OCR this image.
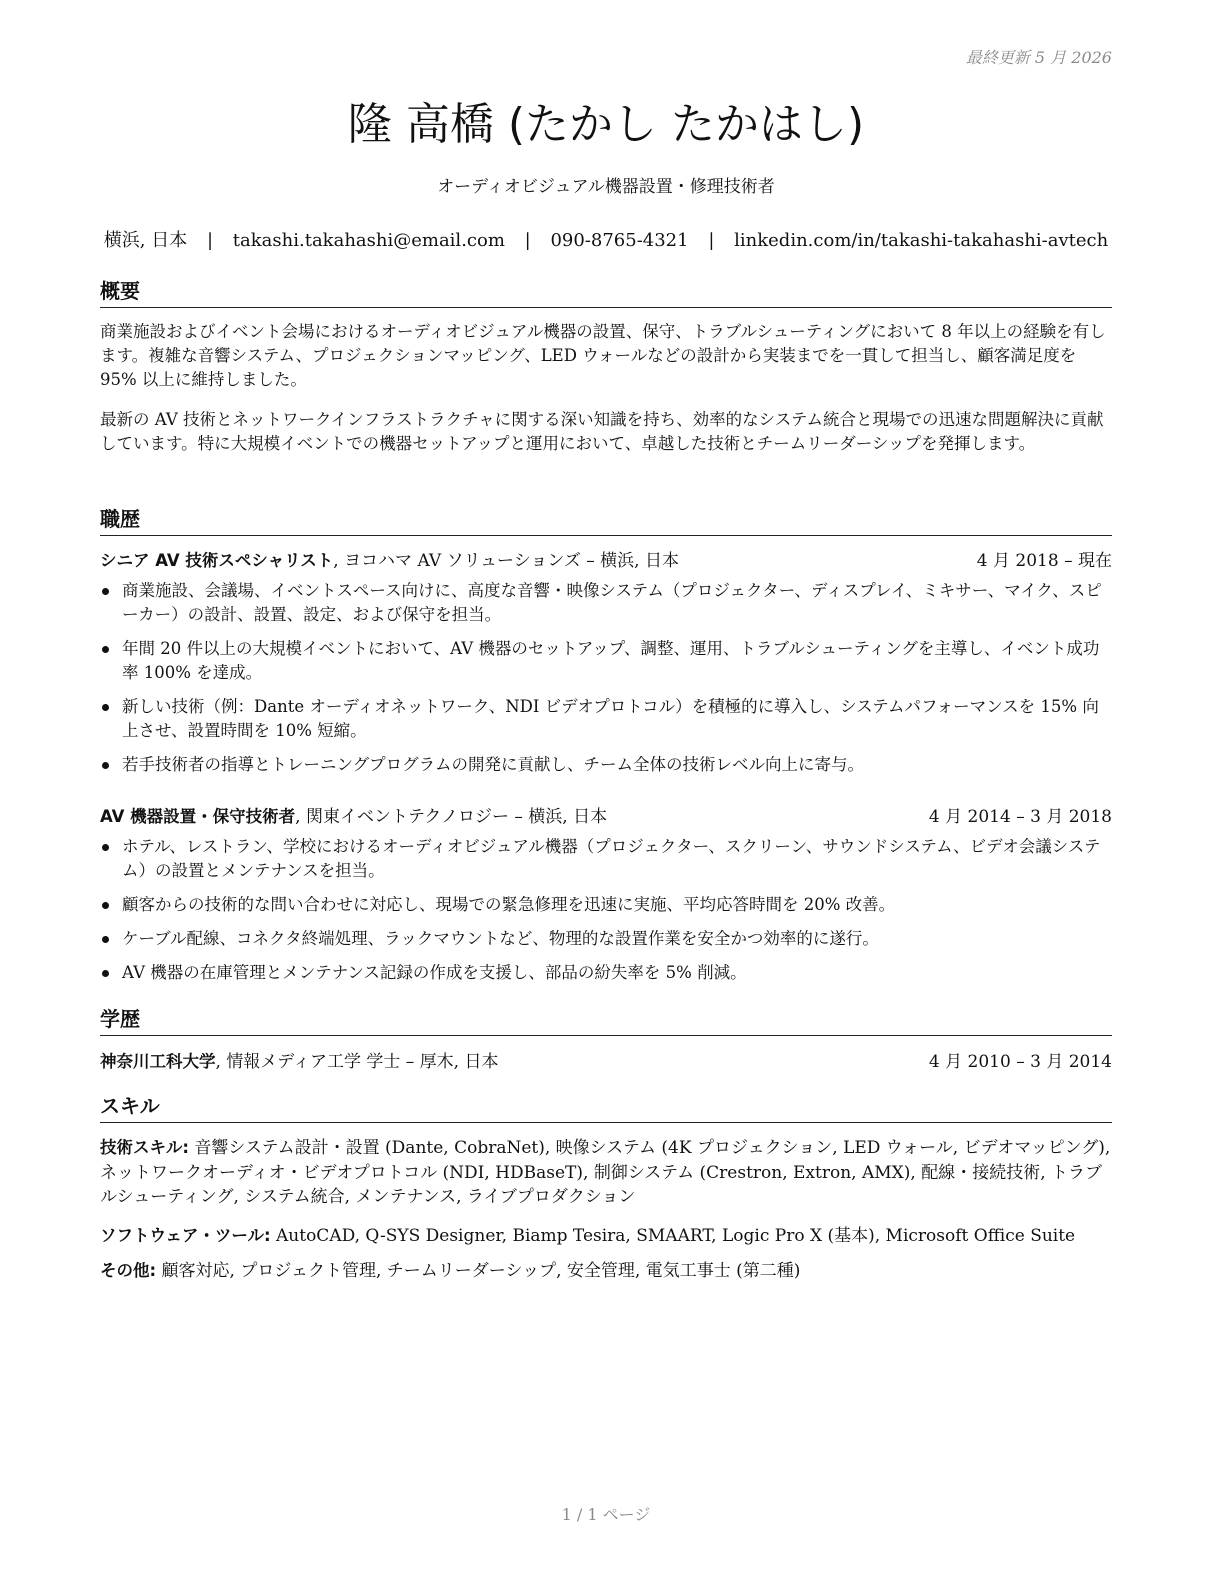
最終更新 5 月 2026
隆 高橋 (たかし たかはし)
オーディオビジュアル機器設置・修理技術者
横浜, 日本 | takashi.takahashi@email.com | 090-8765-4321 | linkedin.com/in/takashi-takahashi-avtech
概要

商業施設およびイベント会場におけるオーディオビジュアル機器の設置、保守、トラブルシューティングにおいて 8 年以上の経験を有します。複雑な音響システム、プロジェクションマッピング、LED ウォールなどの設計から実装までを一貫して担当し、顧客満足度を 95% 以上に維持しました。

最新の AV 技術とネットワークインフラストラクチャに関する深い知識を持ち、効率的なシステム統合と現場での迅速な問題解決に貢献しています。特に大規模イベントでの機器セットアップと運用において、卓越した技術とチームリーダーシップを発揮します。

職歴
シニア AV 技術スペシャリスト, ヨコハマ AV ソリューションズ – 横浜, 日本	4 月 2018 – 現在
商業施設、会議場、イベントスペース向けに、高度な音響・映像システム（プロジェクター、ディスプレイ、ミキサー、マイク、スピーカー）の設計、設置、設定、および保守を担当。
年間 20 件以上の大規模イベントにおいて、AV 機器のセットアップ、調整、運用、トラブルシューティングを主導し、イベント成功率 100% を達成。
新しい技術（例：Dante オーディオネットワーク、NDI ビデオプロトコル）を積極的に導入し、システムパフォーマンスを 15% 向上させ、設置時間を 10% 短縮。
若手技術者の指導とトレーニングプログラムの開発に貢献し、チーム全体の技術レベル向上に寄与。
AV 機器設置・保守技術者, 関東イベントテクノロジー – 横浜, 日本	4 月 2014 – 3 月 2018
ホテル、レストラン、学校におけるオーディオビジュアル機器（プロジェクター、スクリーン、サウンドシステム、ビデオ会議システム）の設置とメンテナンスを担当。
顧客からの技術的な問い合わせに対応し、現場での緊急修理を迅速に実施、平均応答時間を 20% 改善。
ケーブル配線、コネクタ終端処理、ラックマウントなど、物理的な設置作業を安全かつ効率的に遂行。
AV 機器の在庫管理とメンテナンス記録の作成を支援し、部品の紛失率を 5% 削減。
学歴
神奈川工科大学, 情報メディア工学 学士 – 厚木, 日本	4 月 2010 – 3 月 2014
スキル

技術スキル: 音響システム設計・設置 (Dante, CobraNet), 映像システム (4K プロジェクション, LED ウォール, ビデオマッピング), ネットワークオーディオ・ビデオプロトコル (NDI, HDBaseT), 制御システム (Crestron, Extron, AMX), 配線・接続技術, トラブルシューティング, システム統合, メンテナンス, ライブプロダクション

ソフトウェア・ツール: AutoCAD, Q-SYS Designer, Biamp Tesira, SMAART, Logic Pro X (基本), Microsoft Office Suite

その他: 顧客対応, プロジェクト管理, チームリーダーシップ, 安全管理, 電気工事士 (第二種)

1 / 1 ページ
